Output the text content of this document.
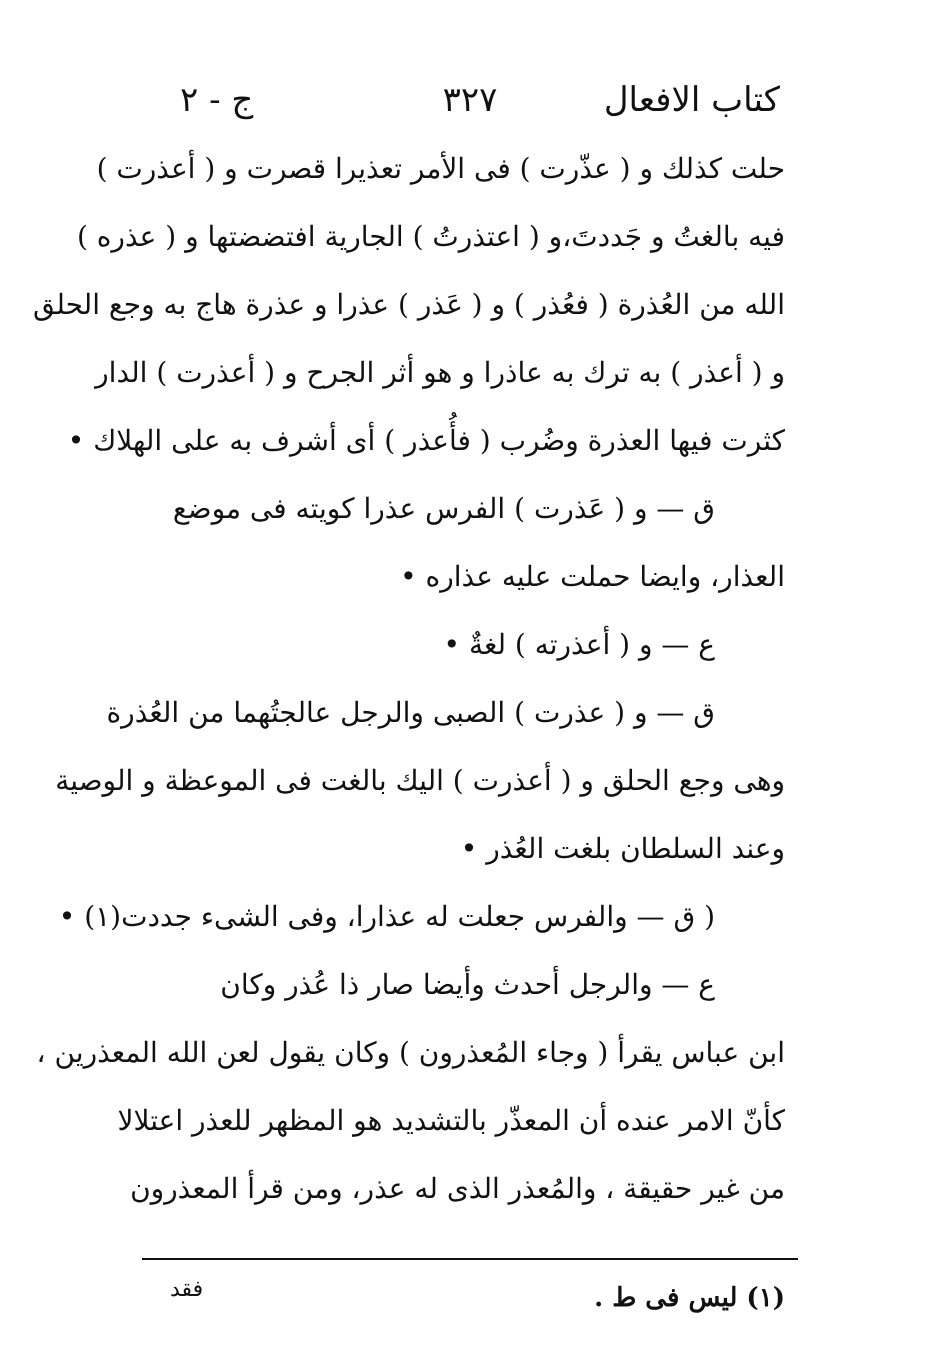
كتاب الافعال
٣٢٧
ج - ٢
حلت كذلك و ( عذّرت ) فى الأمر تعذيرا قصرت و ( أعذرت )
فيه بالغتُ و جَددتَ،و ( اعتذرتُ ) الجارية افتضضتها و ( عذره )
الله من العُذرة ( فعُذر ) و ( عَذر ) عذرا و عذرة هاج به وجع الحلق
و ( أعذر ) به ترك به عاذرا و هو أثر الجرح و ( أعذرت ) الدار
كثرت فيها العذرة وضُرب ( فأُعذر ) أى أشرف به على الهلاك •
ق — و ( عَذرت ) الفرس عذرا كويته فى موضع
العذار، وايضا حملت عليه عذاره •
ع — و ( أعذرته ) لغةٌ •
ق — و ( عذرت ) الصبى والرجل عالجتُهما من العُذرة
وهى وجع الحلق و ( أعذرت ) اليك بالغت فى الموعظة و الوصية
وعند السلطان بلغت العُذر •
( ق — والفرس جعلت له عذارا، وفى الشىء جددت(١) •
ع — والرجل أحدث وأيضا صار ذا عُذر وكان
ابن عباس يقرأ ( وجاء المُعذرون ) وكان يقول لعن الله المعذرين ،
كأنّ الامر عنده أن المعذّر بالتشديد هو المظهر للعذر اعتلالا
من غير حقيقة ، والمُعذر الذى له عذر، ومن قرأ المعذرون
(١) ليس فى ط .
فقد
